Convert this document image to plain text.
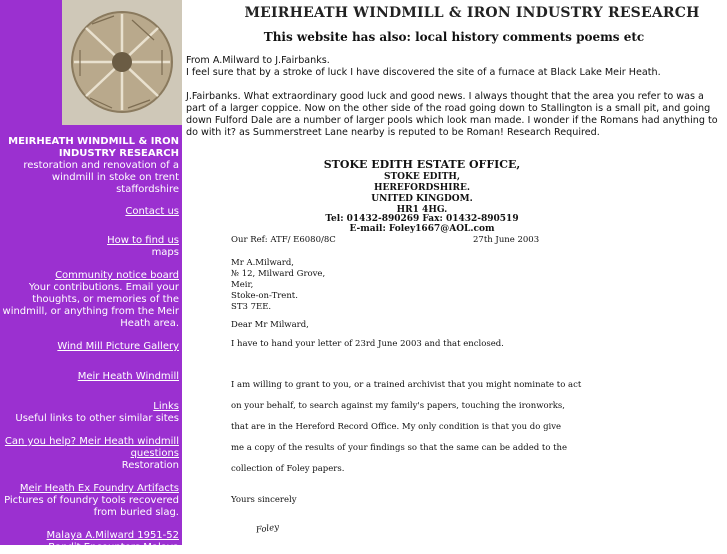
MEIRHEATH WINDMILL & IRON INDUSTRY RESEARCH
restoration and renovation of a windmill in stoke on trent staffordshire
Contact us
How to find us
maps
Community notice board
Your contributions. Email your thoughts, or memories of the windmill, or anything from the Meir Heath area.
Wind Mill Picture Gallery
Meir Heath Windmill
Links
Useful links to other similar sites
Can you help? Meir Heath windmill questions
Restoration
Meir Heath Ex Foundry Artifacts
Pictures of foundry tools recovered from buried slag.
Malaya A.Milward 1951-52
Bandit Encounters Malaya
MEIRHEATH WINDMILL & IRON INDUSTRY RESEARCH
This website has also: local history comments poems etc

From A.Milward to J.Fairbanks.
I feel sure that by a stroke of luck I have discovered the site of a furnace at Black Lake Meir Heath.

J.Fairbanks. What extraordinary good luck and good news. I always thought that the area you refer to was a part of a larger coppice. Now on the other side of the road going down to Stallington is a small pit, and going down Fulford Dale are a number of larger pools which look man made. I wonder if the Romans had anything to do with it? as Summerstreet Lane nearby is reputed to be Roman! Research Required.

STOKE EDITH ESTATE OFFICE,
STOKE EDITH,
HEREFORDSHIRE.
UNITED KINGDOM.
HR1 4HG.
Tel: 01432-890269 Fax: 01432-890519
E-mail: Foley1667@AOL.com
Our Ref: ATF/ E6080/8C	27th June 2003
Mr A.Milward,
№ 12, Milward Grove,
Meir,
Stoke-on-Trent.
ST3 7EE.
Dear Mr Milward,
I have to hand your letter of 23rd June 2003 and that enclosed.
I am willing to grant to you, or a trained archivist that you might nominate to act
on your behalf, to search against my family's papers, touching the ironworks,
that are in the Hereford Record Office. My only condition is that you do give
me a copy of the results of your findings so that the same can be added to the
collection of Foley papers.
Yours sincerely
Foley
